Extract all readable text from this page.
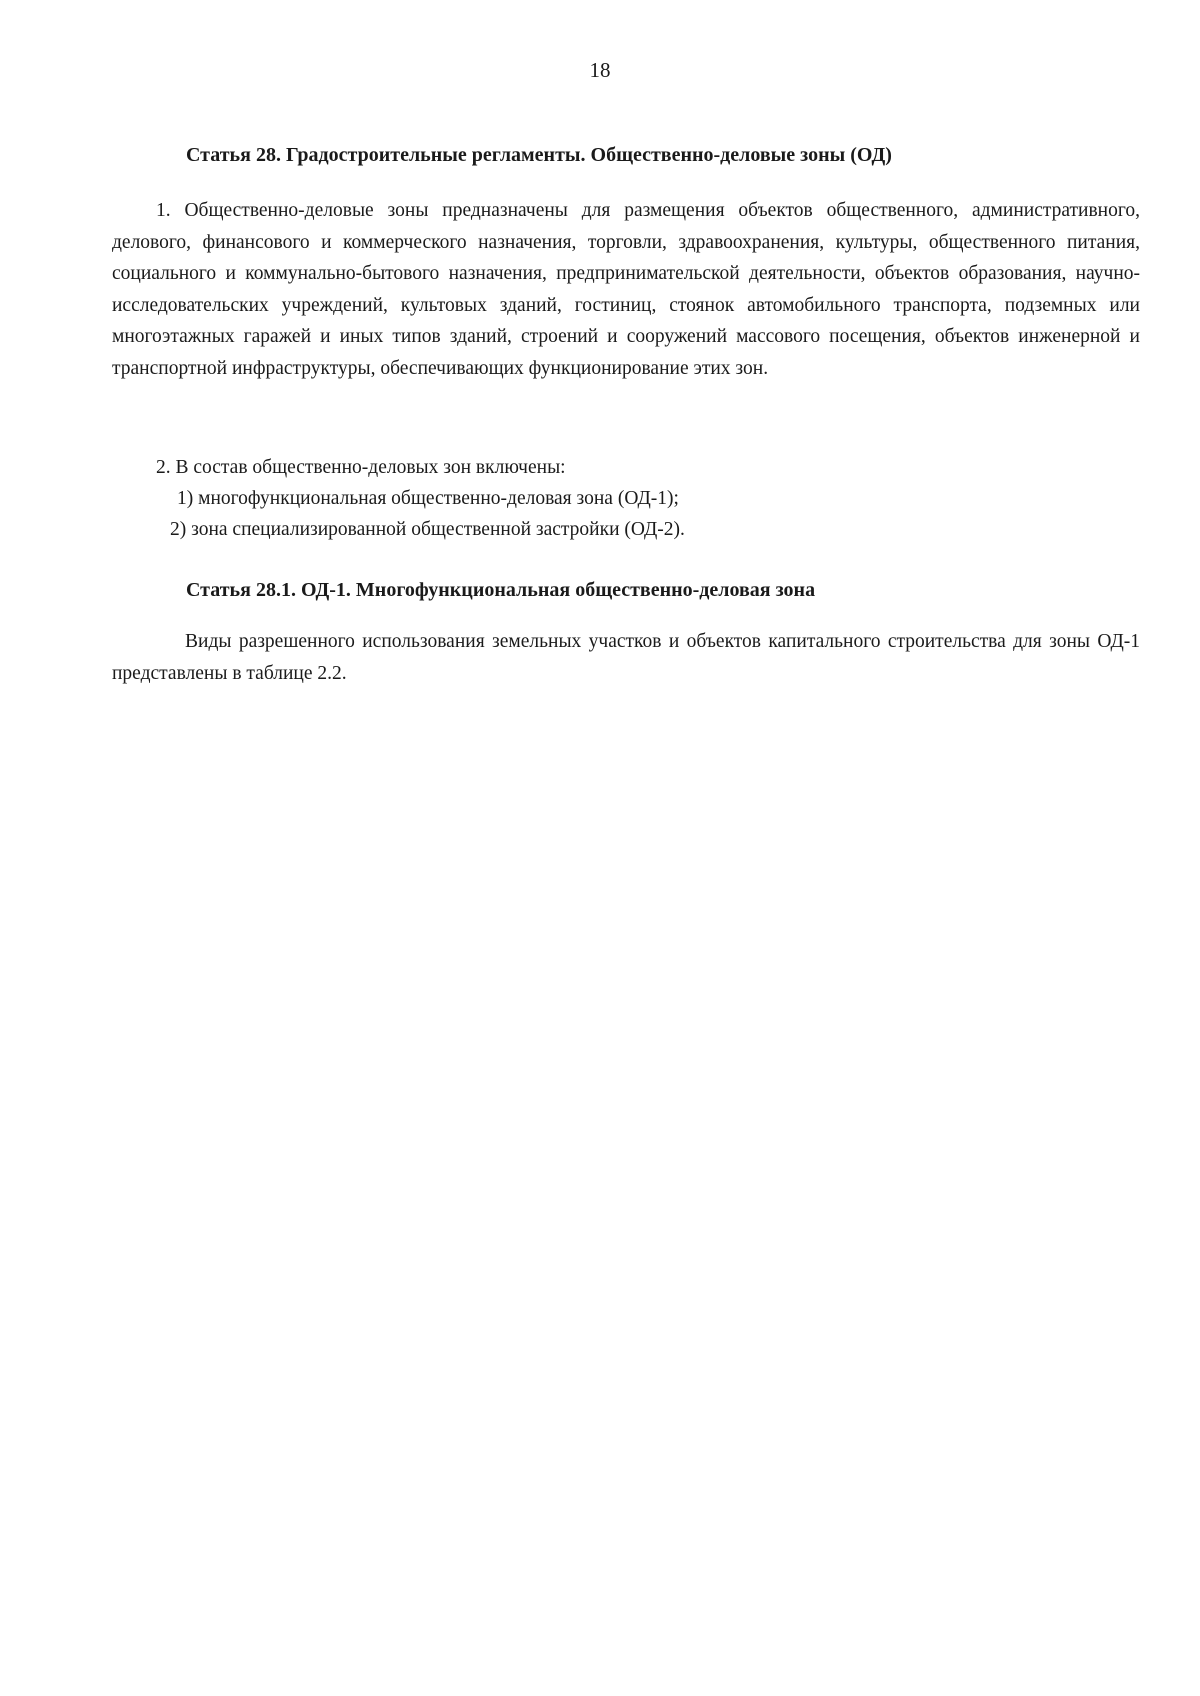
18
Статья 28. Градостроительные регламенты. Общественно-деловые зоны (ОД)

1. Общественно-деловые зоны предназначены для размещения объектов общественного, административного, делового, финансового и коммерческого назначения, торговли, здравоохранения, культуры, общественного питания, социального и коммунально-бытового назначения, предпринимательской деятельности, объектов образования, научно-исследовательских учреждений, культовых зданий, гостиниц, стоянок автомобильного транспорта, подземных или многоэтажных гаражей и иных типов зданий, строений и сооружений массового посещения, объектов инженерной и транспортной инфраструктуры, обеспечивающих функционирование этих зон.

2. В состав общественно-деловых зон включены:

1) многофункциональная общественно-деловая зона (ОД-1);

2) зона специализированной общественной застройки (ОД-2).

Статья 28.1. ОД-1. Многофункциональная общественно-деловая зона

Виды разрешенного использования земельных участков и объектов капитального строительства для зоны ОД-1 представлены в таблице 2.2.
